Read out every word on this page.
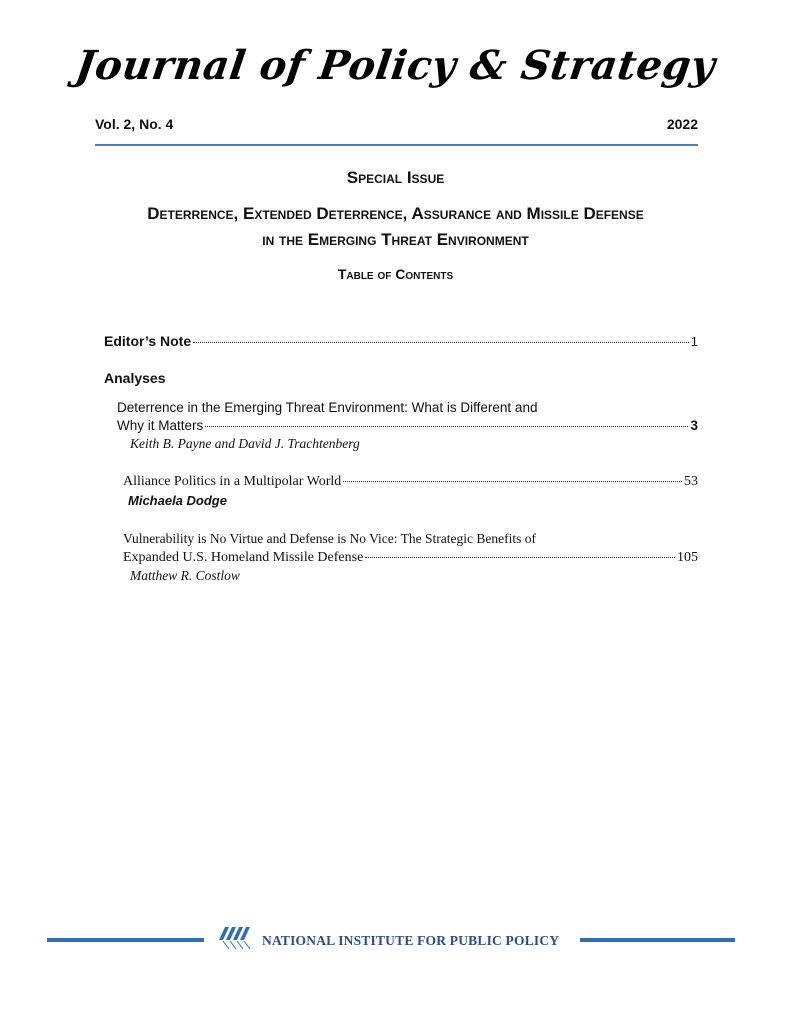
Journal of Policy & Strategy
Vol. 2, No. 4	2022
Special Issue
Deterrence, Extended Deterrence, Assurance and Missile Defense
in the Emerging Threat Environment
Table of Contents
Editor’s Note	1
Analyses
Deterrence in the Emerging Threat Environment: What is Different and
Why it Matters	3
Keith B. Payne and David J. Trachtenberg
Alliance Politics in a Multipolar World	53
Michaela Dodge
Vulnerability is No Virtue and Defense is No Vice: The Strategic Benefits of
Expanded U.S. Homeland Missile Defense	105
Matthew R. Costlow
NATIONAL INSTITUTE FOR PUBLIC POLICY
